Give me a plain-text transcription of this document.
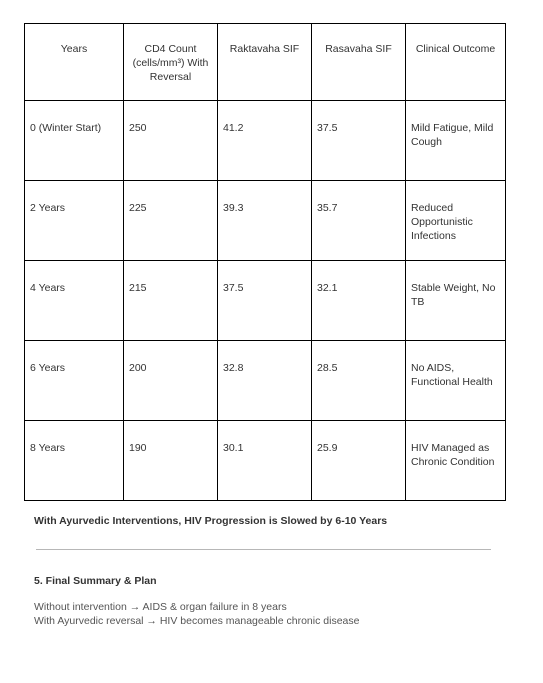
Years	CD4 Count (cells/mm³) With Reversal	Raktavaha SIF	Rasavaha SIF	Clinical Outcome
0 (Winter Start)	250	41.2	37.5	Mild Fatigue, Mild Cough
2 Years	225	39.3	35.7	Reduced Opportunistic Infections
4 Years	215	37.5	32.1	Stable Weight, No TB
6 Years	200	32.8	28.5	No AIDS, Functional Health
8 Years	190	30.1	25.9	HIV Managed as Chronic Condition
With Ayurvedic Interventions, HIV Progression is Slowed by 6-10 Years
5. Final Summary & Plan
Without intervention → AIDS & organ failure in 8 years
With Ayurvedic reversal → HIV becomes manageable chronic disease
